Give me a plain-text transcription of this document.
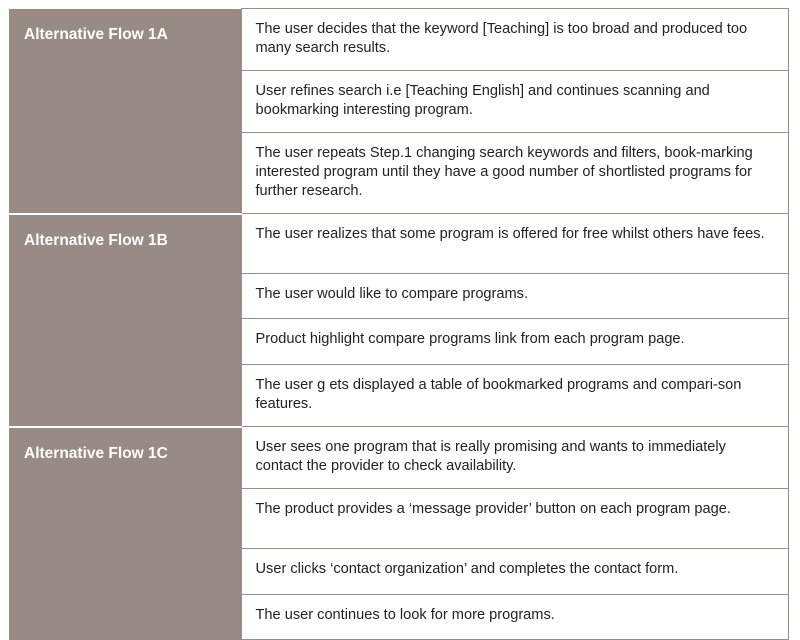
Alternative Flow 1A	The user decides that the keyword [Teaching] is too broad and produced too many search results.
	User refines search i.e [Teaching English] and continues scanning and bookmarking interesting program.
	The user repeats Step.1 changing search keywords and filters, book-marking interested program until they have a good number of shortlisted programs for further research.
Alternative Flow 1B	The user realizes that some program is offered for free whilst others have fees.
	The user would like to compare programs.
	Product highlight compare programs link from each program page.
	The user g ets displayed a table of bookmarked programs and compari-son features.
Alternative Flow 1C	User sees one program that is really promising and wants to immediately contact the provider to check availability.
	The product provides a ‘message provider’ button on each program page.
	User clicks ‘contact organization’ and completes the contact form.
	The user continues to look for more programs.
